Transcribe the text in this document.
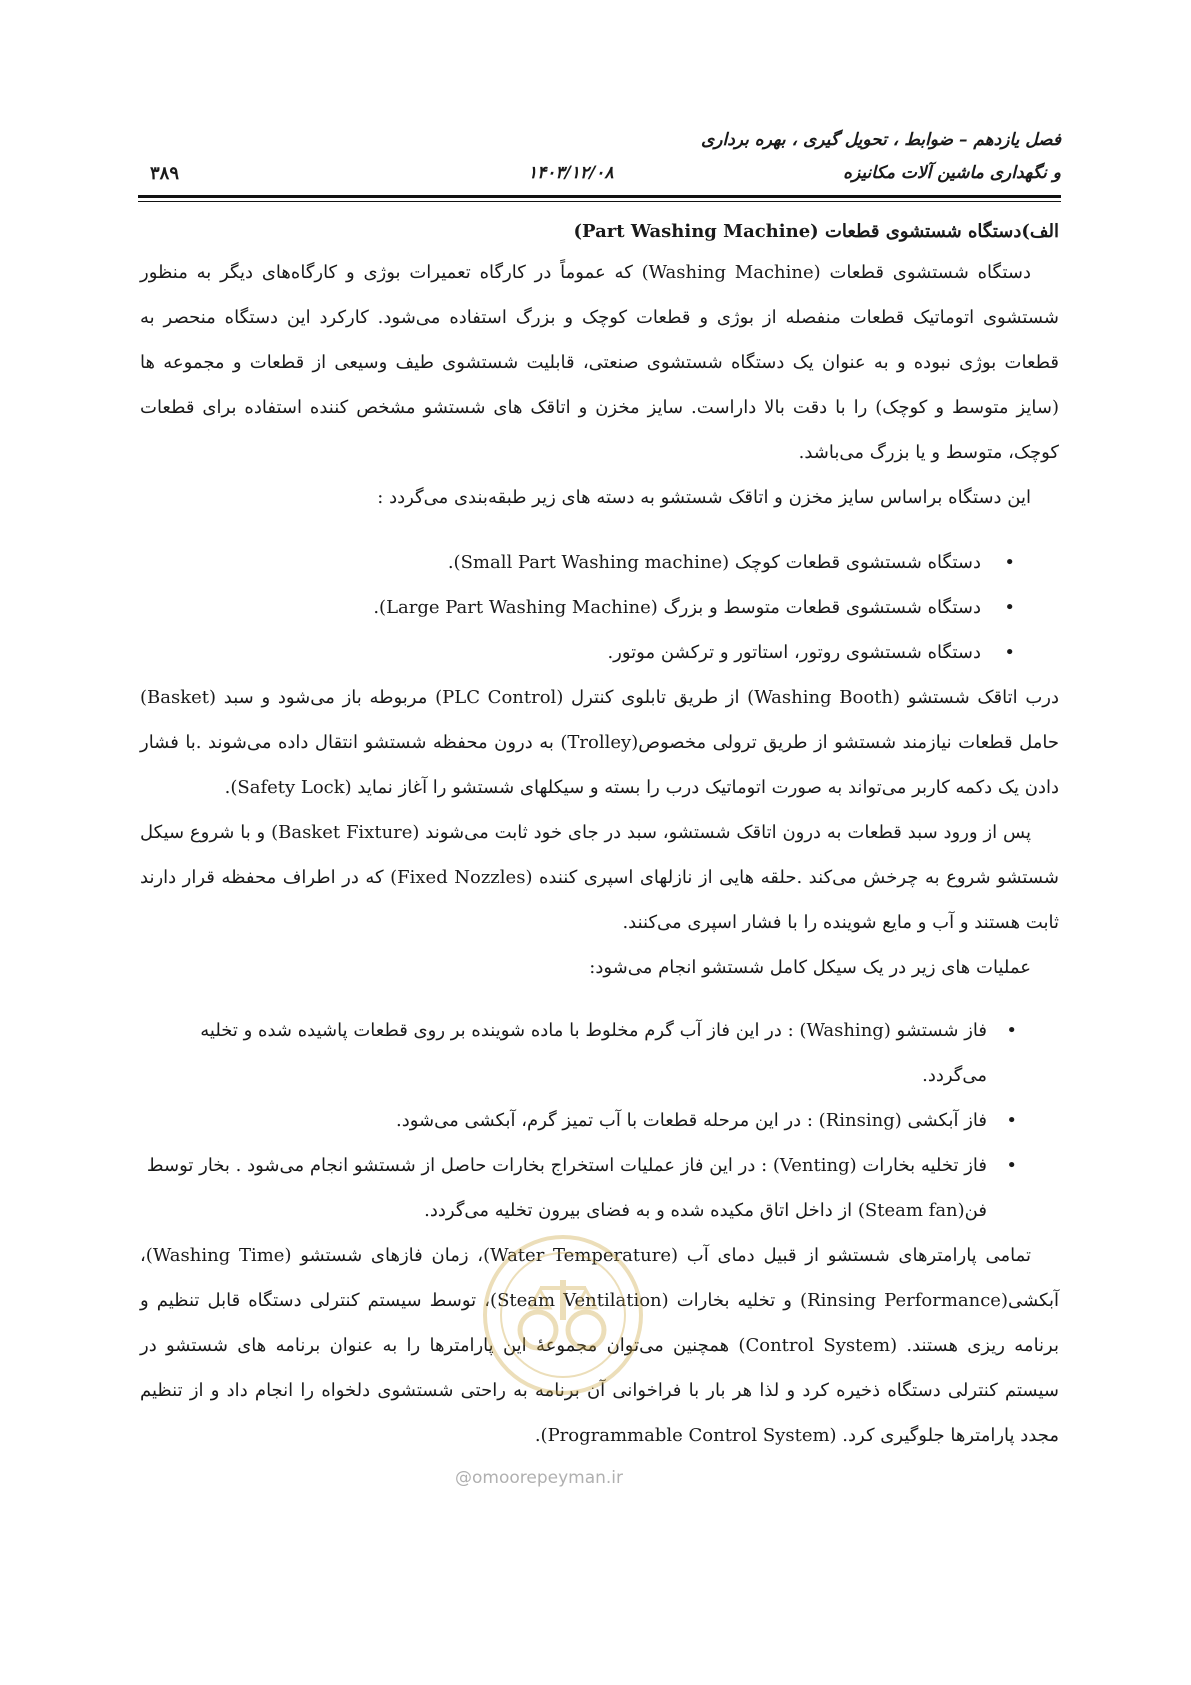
فصل یازدهم – ضوابط ، تحویل گیری ، بهره برداری
و نگهداری ماشین آلات مکانیزه
۱۴۰۳/۱۲/۰۸
۳۸۹
الف)دستگاه شستشوی قطعات (Part Washing Machine)

دستگاه شستشوی قطعات (Washing Machine) که عموماً در کارگاه تعمیرات بوژی و کارگاه‌های دیگر به منظور شستشوی اتوماتیک قطعات منفصله از بوژی و قطعات کوچک و بزرگ استفاده می‌شود. کارکرد این دستگاه منحصر به قطعات بوژی نبوده و به عنوان یک دستگاه شستشوی صنعتی، قابلیت شستشوی طیف وسیعی از قطعات و مجموعه ها (سایز متوسط و کوچک) را با دقت بالا داراست. سایز مخزن و اتاقک های شستشو مشخص کننده استفاده برای قطعات کوچک، متوسط و یا بزرگ می‌باشد.

این دستگاه براساس سایز مخزن و اتاقک شستشو به دسته های زیر طبقه‌بندی می‌گردد :

• دستگاه شستشوی قطعات کوچک (Small Part Washing machine).
• دستگاه شستشوی قطعات متوسط و بزرگ (Large Part Washing Machine).
• دستگاه شستشوی روتور، استاتور و ترکشن موتور.

درب اتاقک شستشو (Washing Booth) از طریق تابلوی کنترل (PLC Control) مربوطه باز می‌شود و سبد (Basket) حامل قطعات نیازمند شستشو از طریق ترولی مخصوص(Trolley) به درون محفظه شستشو انتقال داده می‌شوند .با فشار دادن یک دکمه کاربر می‌تواند به صورت اتوماتیک درب را بسته و سیکلهای شستشو را آغاز نماید (Safety Lock).

پس از ورود سبد قطعات به درون اتاقک شستشو، سبد در جای خود ثابت می‌شوند (Basket Fixture) و با شروع سیکل شستشو شروع به چرخش می‌کند .حلقه هایی از نازلهای اسپری کننده (Fixed Nozzles) که در اطراف محفظه قرار دارند ثابت هستند و آب و مایع شوینده را با فشار اسپری می‌کنند.

عملیات های زیر در یک سیکل کامل شستشو انجام می‌شود:

• فاز شستشو (Washing) : در این فاز آب گرم مخلوط با ماده شوینده بر روی قطعات پاشیده شده و تخلیه می‌گردد.
• فاز آبکشی (Rinsing) : در این مرحله قطعات با آب تمیز گرم، آبکشی می‌شود.
• فاز تخلیه بخارات (Venting) : در این فاز عملیات استخراج بخارات حاصل از شستشو انجام می‌شود . بخار توسط فن(Steam fan) از داخل اتاق مکیده شده و به فضای بیرون تخلیه می‌گردد.

تمامی پارامترهای شستشو از قبیل دمای آب (Water Temperature)، زمان فازهای شستشو (Washing Time)، آبکشی(Rinsing Performance) و تخلیه بخارات (Steam Ventilation)، توسط سیستم کنترلی دستگاه قابل تنظیم و برنامه ریزی هستند. (Control System) همچنین می‌توان مجموعهٔ این پارامترها را به عنوان برنامه های شستشو در سیستم کنترلی دستگاه ذخیره کرد و لذا هر بار با فراخوانی آن برنامه به راحتی شستشوی دلخواه را انجام داد و از تنظیم مجدد پارامترها جلوگیری کرد. (Programmable Control System).

@omoorepeyman.ir
